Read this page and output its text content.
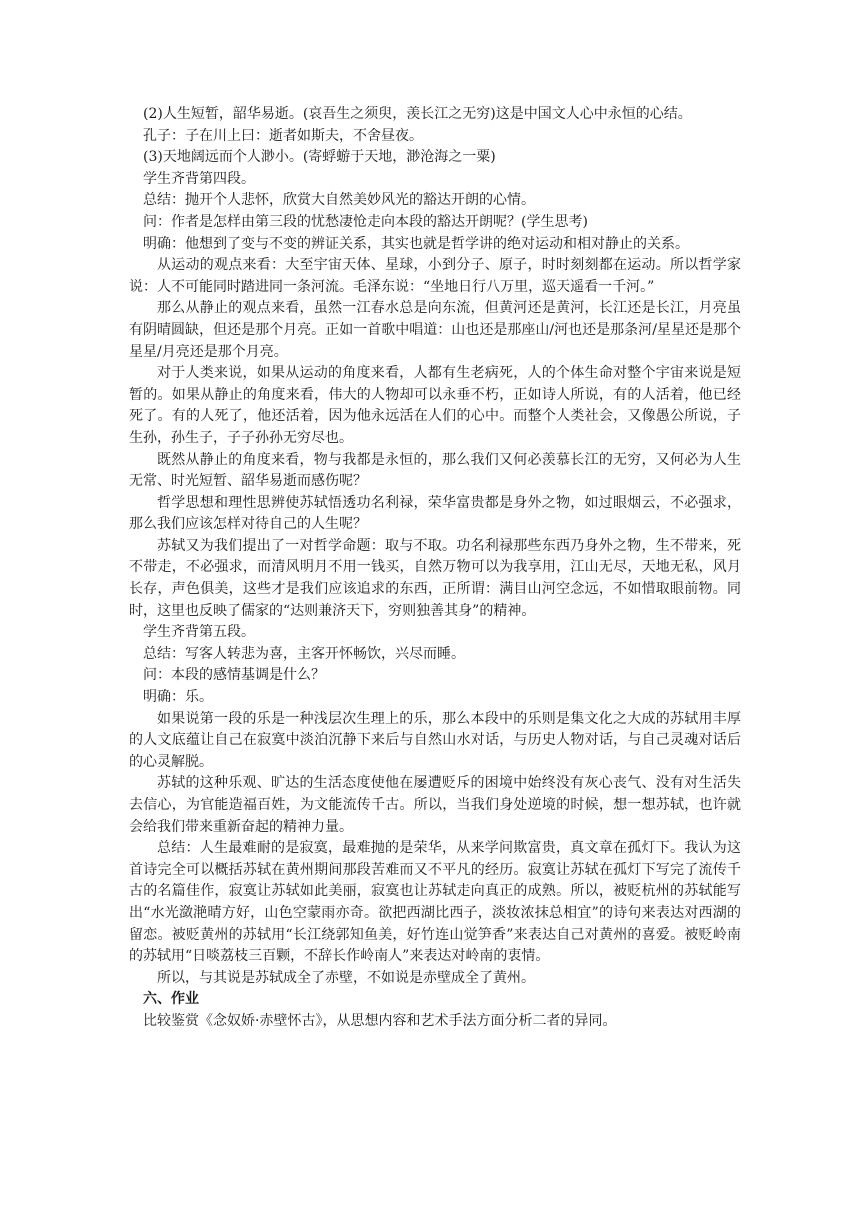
(2)人生短暂，韶华易逝。(哀吾生之须臾，羡长江之无穷)这是中国文人心中永恒的心结。

孔子：子在川上曰：逝者如斯夫，不舍昼夜。

(3)天地阔远而个人渺小。(寄蜉蝣于天地，渺沧海之一粟)

学生齐背第四段。

总结：抛开个人悲怀，欣赏大自然美妙风光的豁达开朗的心情。

问：作者是怎样由第三段的忧愁凄怆走向本段的豁达开朗呢？(学生思考)

明确：他想到了变与不变的辨证关系，其实也就是哲学讲的绝对运动和相对静止的关系。

从运动的观点来看：大至宇宙天体、星球，小到分子、原子，时时刻刻都在运动。所以哲学家说：人不可能同时踏进同一条河流。毛泽东说：“坐地日行八万里，巡天遥看一千河。”

那么从静止的观点来看，虽然一江春水总是向东流，但黄河还是黄河，长江还是长江，月亮虽有阴晴圆缺，但还是那个月亮。正如一首歌中唱道：山也还是那座山/河也还是那条河/星星还是那个星星/月亮还是那个月亮。

对于人类来说，如果从运动的角度来看，人都有生老病死，人的个体生命对整个宇宙来说是短暂的。如果从静止的角度来看，伟大的人物却可以永垂不朽，正如诗人所说，有的人活着，他已经死了。有的人死了，他还活着，因为他永远活在人们的心中。而整个人类社会，又像愚公所说，子生孙，孙生子，子子孙孙无穷尽也。

既然从静止的角度来看，物与我都是永恒的，那么我们又何必羡慕长江的无穷，又何必为人生无常、时光短暂、韶华易逝而感伤呢？

哲学思想和理性思辨使苏轼悟透功名利禄，荣华富贵都是身外之物，如过眼烟云，不必强求，那么我们应该怎样对待自己的人生呢？

苏轼又为我们提出了一对哲学命题：取与不取。功名利禄那些东西乃身外之物，生不带来，死不带走，不必强求，而清风明月不用一钱买，自然万物可以为我享用，江山无尽，天地无私，风月长存，声色俱美，这些才是我们应该追求的东西，正所谓：满目山河空念远，不如惜取眼前物。同时，这里也反映了儒家的“达则兼济天下，穷则独善其身”的精神。

学生齐背第五段。

总结：写客人转悲为喜，主客开怀畅饮，兴尽而睡。

问：本段的感情基调是什么？

明确：乐。

如果说第一段的乐是一种浅层次生理上的乐，那么本段中的乐则是集文化之大成的苏轼用丰厚的人文底蕴让自己在寂寞中淡泊沉静下来后与自然山水对话，与历史人物对话，与自己灵魂对话后的心灵解脱。

苏轼的这种乐观、旷达的生活态度使他在屡遭贬斥的困境中始终没有灰心丧气、没有对生活失去信心，为官能造福百姓，为文能流传千古。所以，当我们身处逆境的时候，想一想苏轼，也许就会给我们带来重新奋起的精神力量。

总结：人生最难耐的是寂寞，最难抛的是荣华，从来学问欺富贵，真文章在孤灯下。我认为这首诗完全可以概括苏轼在黄州期间那段苦难而又不平凡的经历。寂寞让苏轼在孤灯下写完了流传千古的名篇佳作，寂寞让苏轼如此美丽，寂寞也让苏轼走向真正的成熟。所以，被贬杭州的苏轼能写出“水光潋滟晴方好，山色空蒙雨亦奇。欲把西湖比西子，淡妆浓抹总相宜”的诗句来表达对西湖的留恋。被贬黄州的苏轼用“长江绕郭知鱼美，好竹连山觉笋香”来表达自己对黄州的喜爱。被贬岭南的苏轼用“日啖荔枝三百颗，不辞长作岭南人”来表达对岭南的衷情。

所以，与其说是苏轼成全了赤壁，不如说是赤壁成全了黄州。

六、作业

比较鉴赏《念奴娇·赤壁怀古》，从思想内容和艺术手法方面分析二者的异同。
